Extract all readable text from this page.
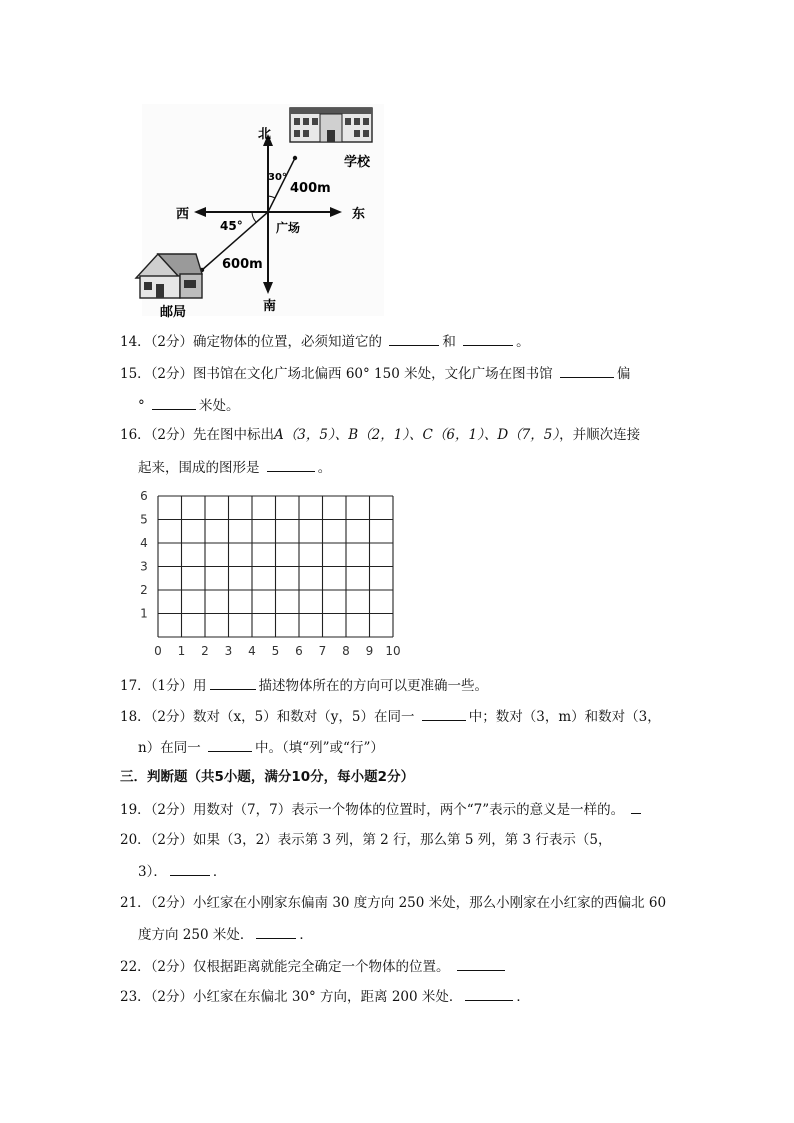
北
南
东
西
学校
广场
邮局
30°
45°
400m
600m
14．（2分）确定物体的位置，必须知道它的	和	。
15．（2分）图书馆在文化广场北偏西 60° 150 米处，文化广场在图书馆	偏
°	米处。
16．（2分）先在图中标出A（3，5）、B（2，1）、C（6，1）、D（7，5），并顺次连接
起来，围成的图形是	。
0 1 2 3 4 5 6 7 8 9 10
1
2
3
4
5
6
17．（1分）用	描述物体所在的方向可以更准确一些。
18．（2分）数对（x，5）和数对（y，5）在同一	中；数对（3，m）和数对（3，
n）在同一	中。（填“列”或“行”）
三．判断题（共5小题，满分10分，每小题2分）
19．（2分）用数对（7，7）表示一个物体的位置时，两个“7”表示的意义是一样的。
20．（2分）如果（3，2）表示第 3 列，第 2 行，那么第 5 列，第 3 行表示（5，
3）．	．
21．（2分）小红家在小刚家东偏南 30 度方向 250 米处，那么小刚家在小红家的西偏北 60
度方向 250 米处．	．
22．（2分）仅根据距离就能完全确定一个物体的位置。
23．（2分）小红家在东偏北 30° 方向，距离 200 米处．	．
